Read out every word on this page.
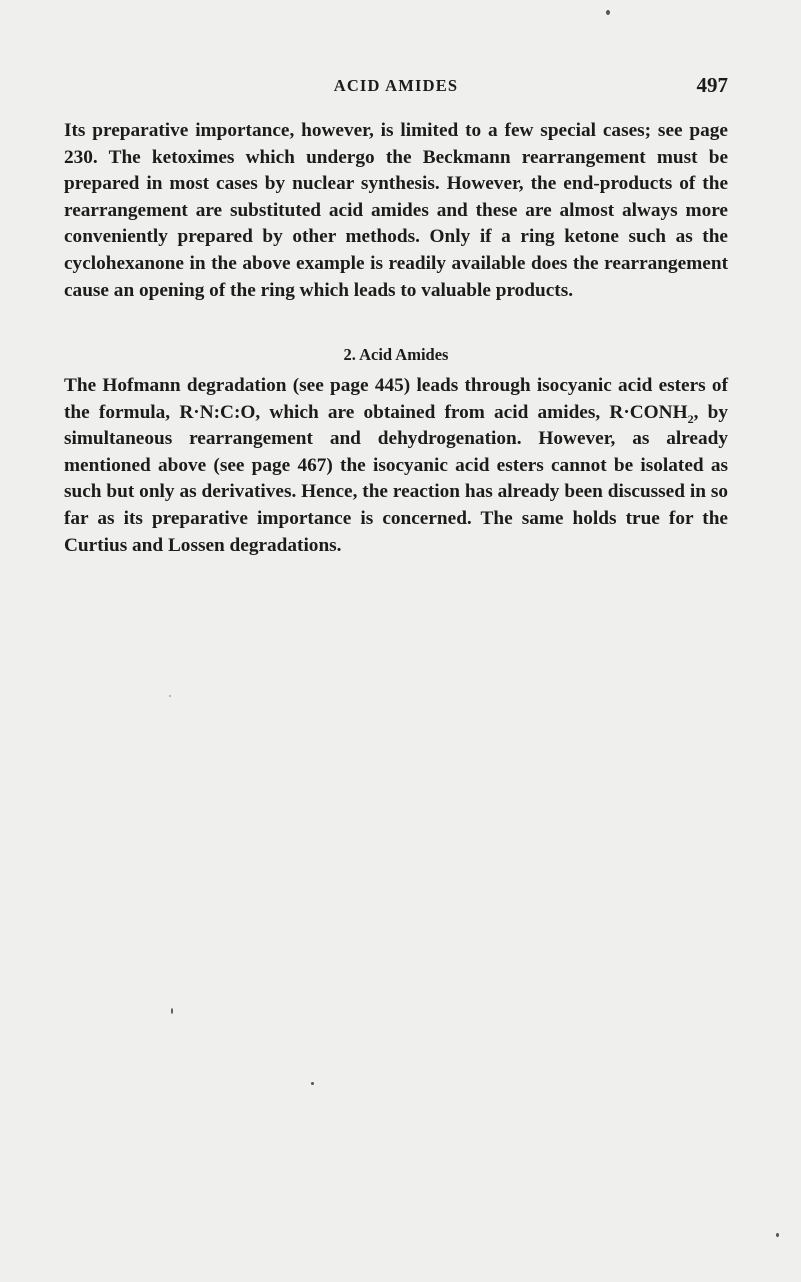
ACID AMIDES	497

Its preparative importance, however, is limited to a few special cases; see page 230. The ketoximes which undergo the Beckmann rearrangement must be prepared in most cases by nuclear synthesis. However, the end-products of the rearrangement are substituted acid amides and these are almost always more conveniently prepared by other methods. Only if a ring ketone such as the cyclohexanone in the above example is readily available does the rearrangement cause an opening of the ring which leads to valuable products.

2. Acid Amides

The Hofmann degradation (see page 445) leads through isocyanic acid esters of the formula, R·N:C:O, which are obtained from acid amides, $R\cdot CONH_2$, by simultaneous rearrangement and dehydrogenation. However, as already mentioned above (see page 467) the isocyanic acid esters cannot be isolated as such but only as derivatives. Hence, the reaction has already been discussed in so far as its preparative importance is concerned. The same holds true for the Curtius and Lossen degradations.
